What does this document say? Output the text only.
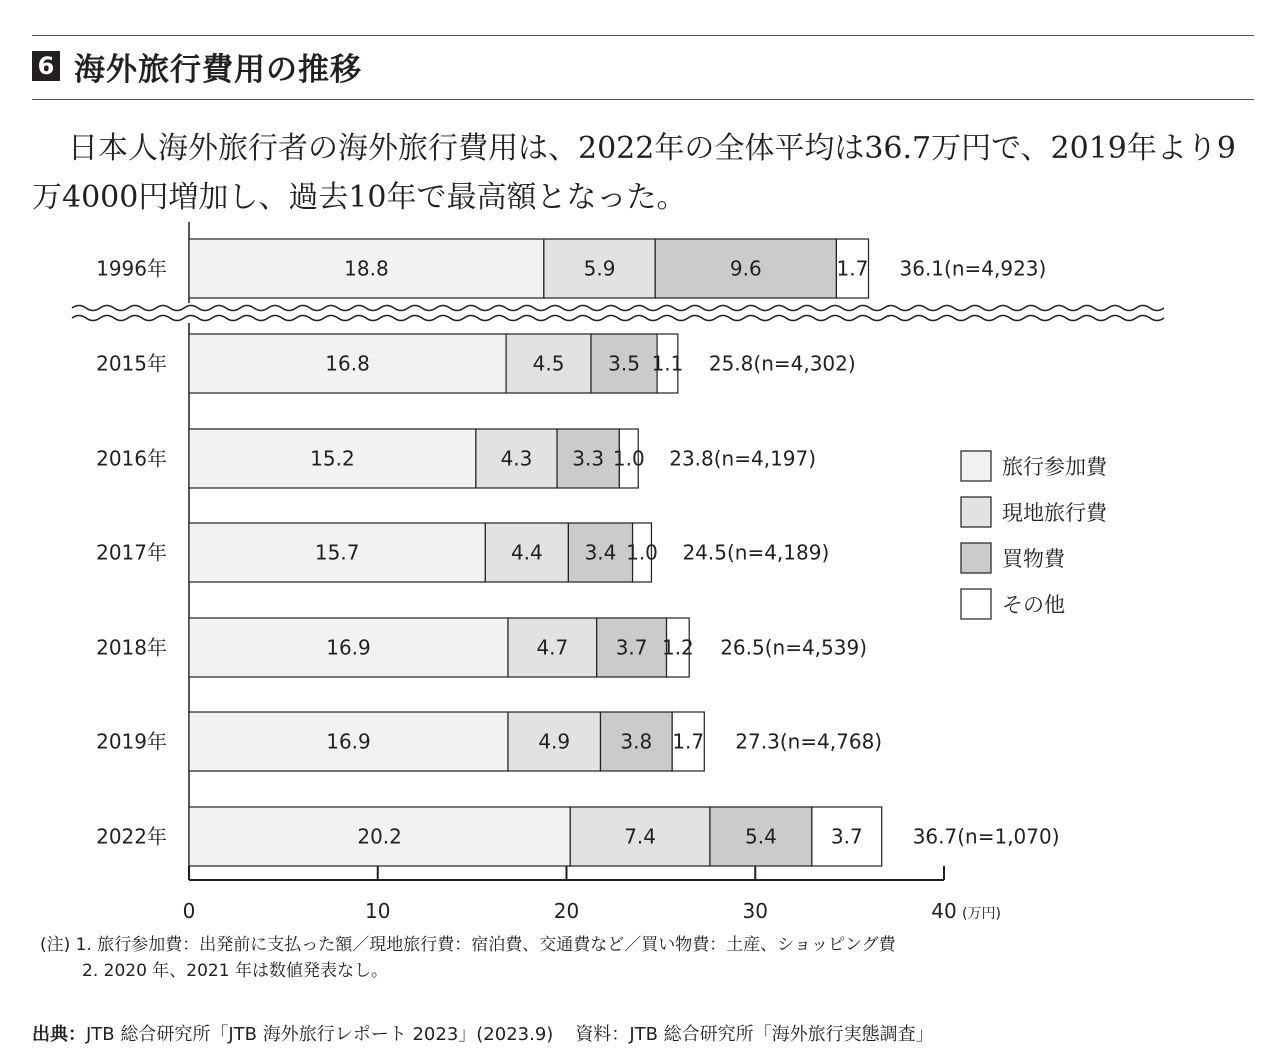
6 海外旅行費用の推移
日本人海外旅行者の海外旅行費用は、2022年の全体平均は36.7万円で、2019年より9万4000円増加し、過去10年で最高額となった。
1996年	18.8	5.9	9.6	1.7 36.1(n=4,923)
2015年	16.8	4.5 3.5 1.1 25.8(n=4,302)
2016年	15.2	4.3 3.3 1.0 23.8(n=4,197)
2017年	15.7	4.4 3.4 1.0 24.5(n=4,189)
2018年	16.9	4.7 3.7 1.2 26.5(n=4,539)
2019年	16.9	4.9	3.8 1.7 27.3(n=4,768)
2022年	20.2	7.4	5.4	3.7	36.7(n=1,070)
0	10	20	30	40 (万円)
旅行参加費
現地旅行費
買物費
その他
(注) 1. 旅行参加費：出発前に支払った額／現地旅行費：宿泊費、交通費など／買い物費：土産、ショッピング費
2. 2020 年、2021 年は数値発表なし。
出典：JTB 総合研究所「JTB 海外旅行レポート 2023」(2023.9) 資料：JTB 総合研究所「海外旅行実態調査」
